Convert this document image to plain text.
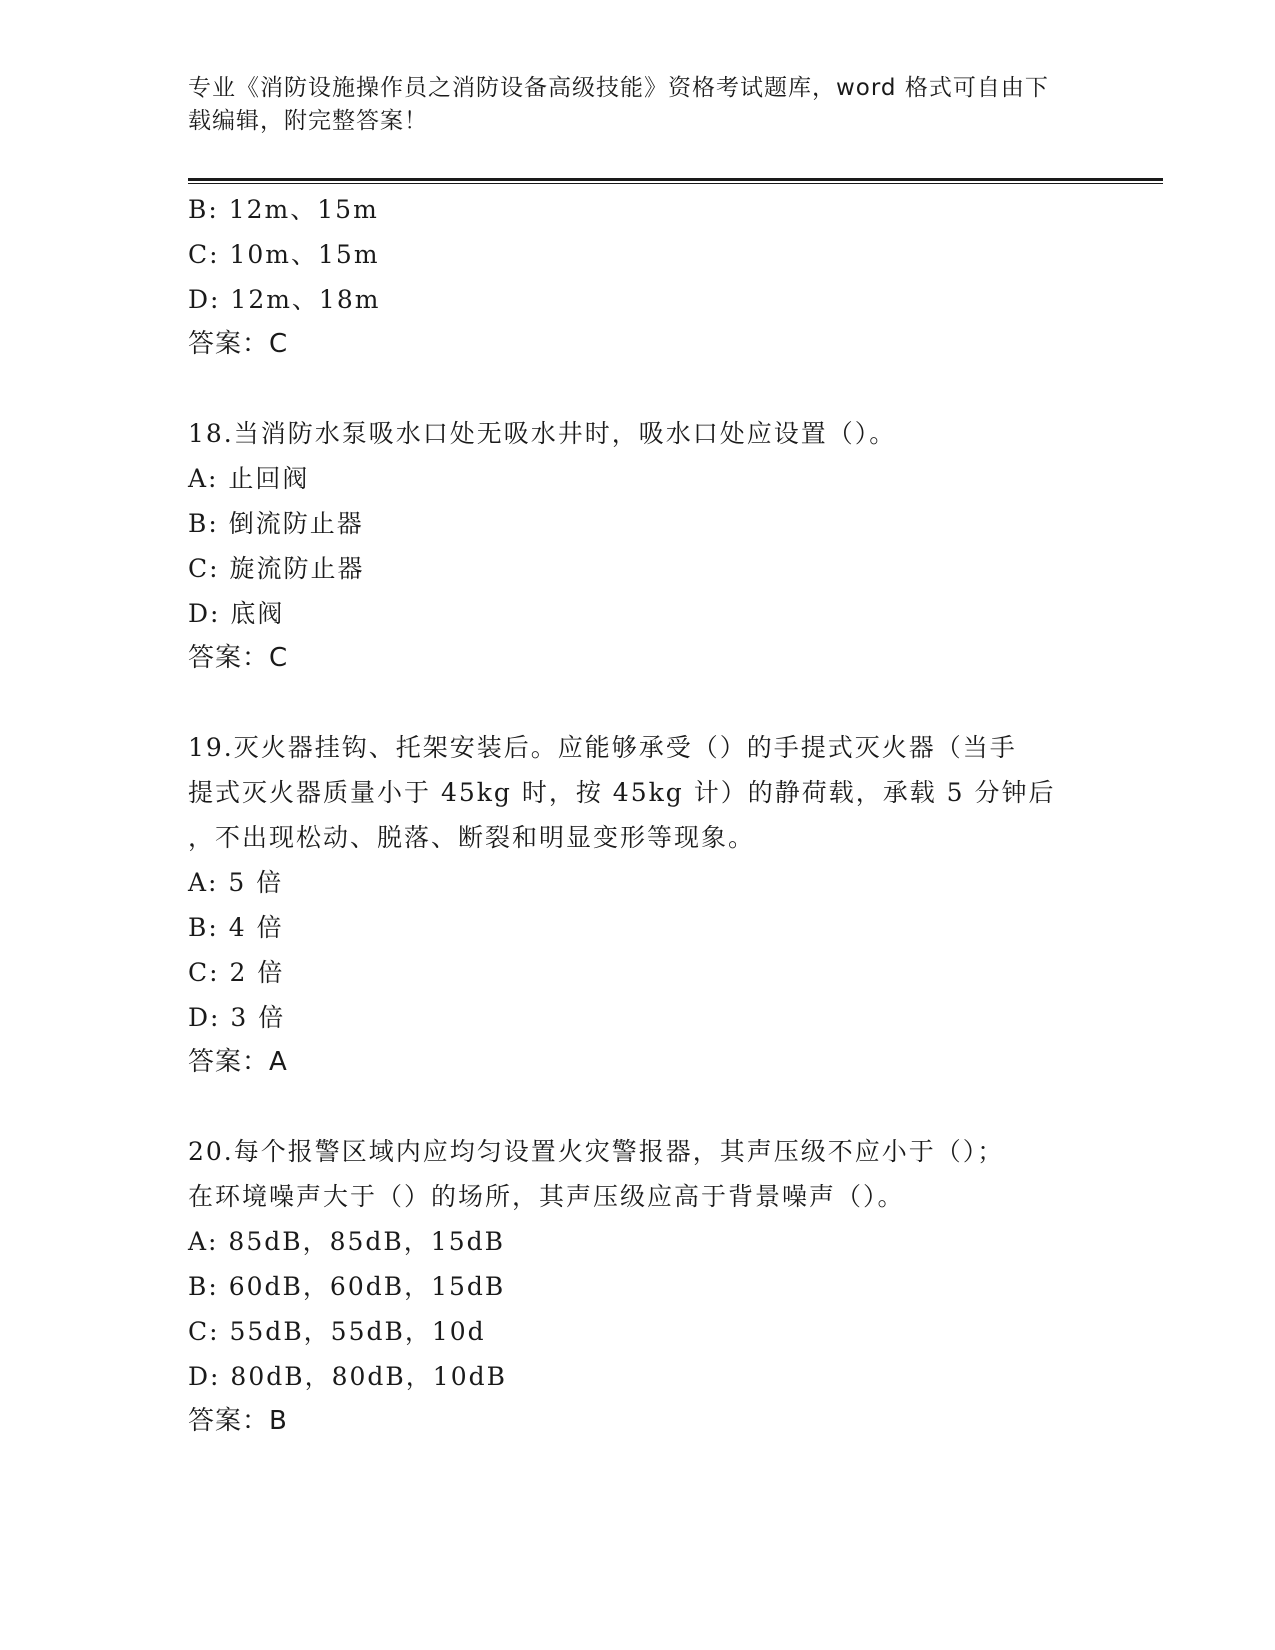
专业《消防设施操作员之消防设备高级技能》资格考试题库，word 格式可自由下
载编辑，附完整答案！
B: 12m、15m
C: 10m、15m
D: 12m、18m
答案：C
18.当消防水泵吸水口处无吸水井时，吸水口处应设置（）。
A: 止回阀
B: 倒流防止器
C: 旋流防止器
D: 底阀
答案：C
19.灭火器挂钩、托架安装后。应能够承受（）的手提式灭火器（当手
提式灭火器质量小于 45kg 时，按 45kg 计）的静荷载，承载 5 分钟后
，不出现松动、脱落、断裂和明显变形等现象。
A: 5 倍
B: 4 倍
C: 2 倍
D: 3 倍
答案：A
20.每个报警区域内应均匀设置火灾警报器，其声压级不应小于（）；
在环境噪声大于（）的场所，其声压级应高于背景噪声（）。
A: 85dB，85dB，15dB
B: 60dB，60dB，15dB
C: 55dB，55dB，10d
D: 80dB，80dB，10dB
答案：B
